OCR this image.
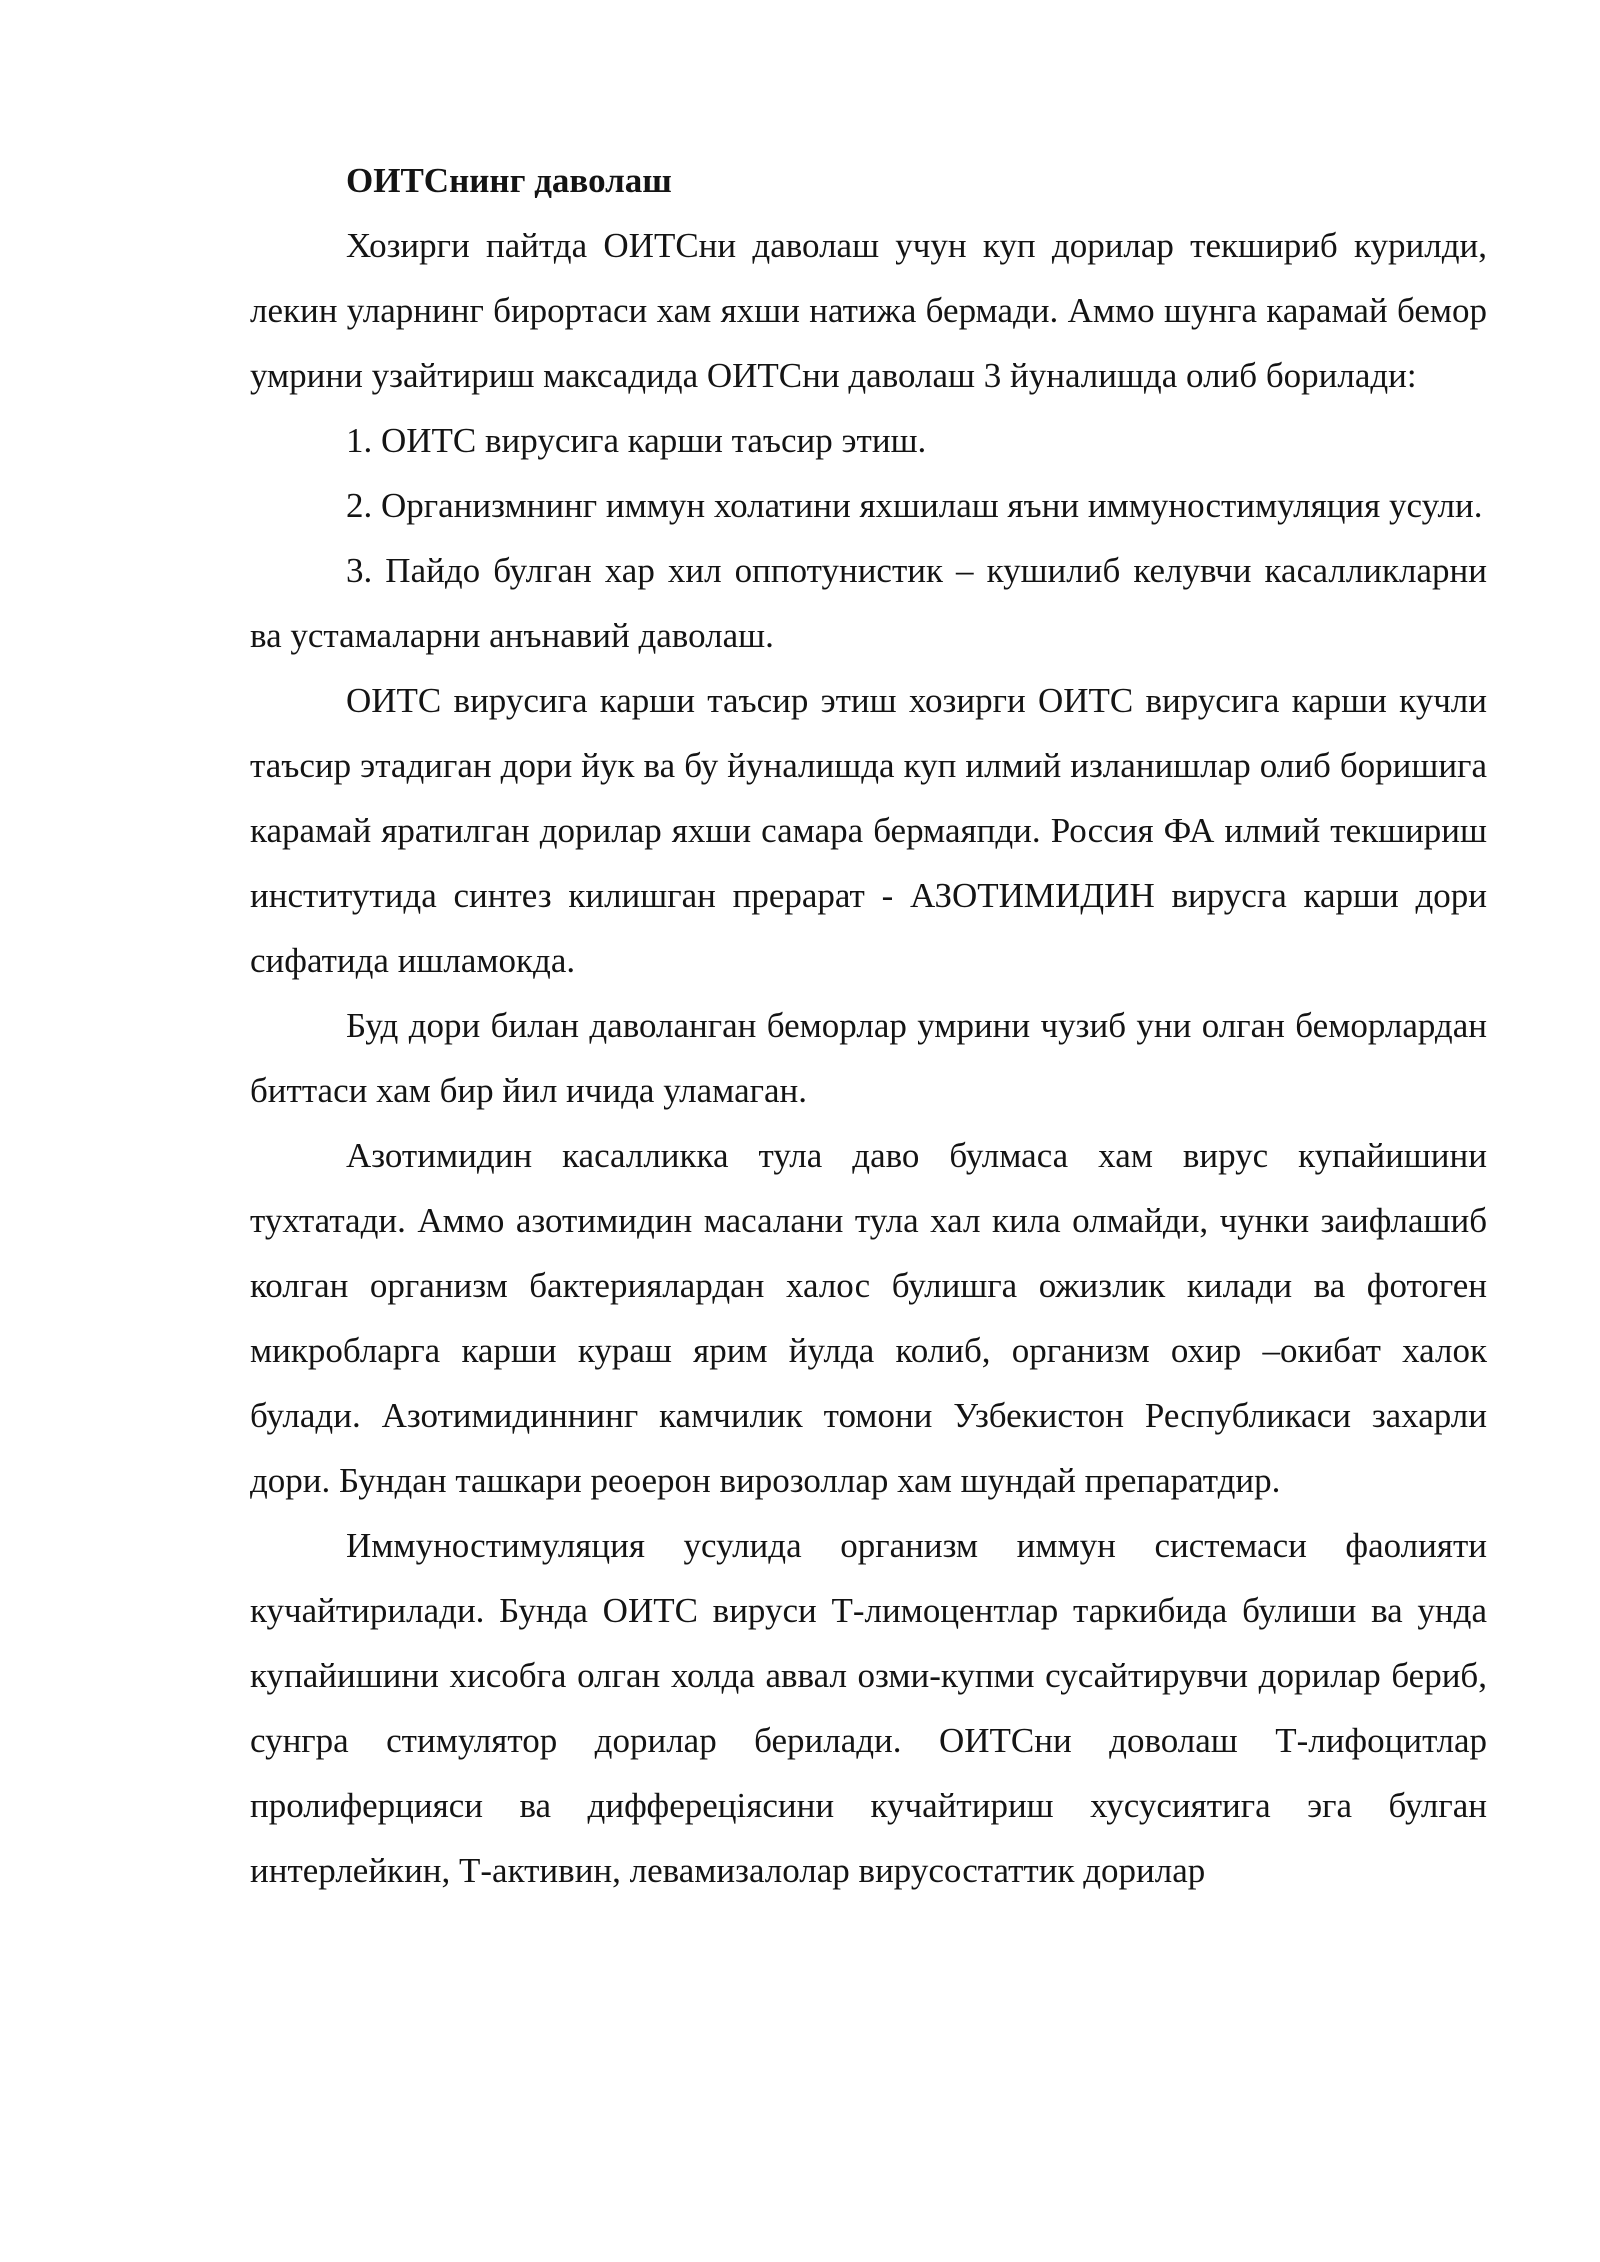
ОИТСнинг даволаш

Хозирги пайтда ОИТСни даволаш учун куп дорилар текшириб курилди, лекин уларнинг бирортаси хам яхши натижа бермади. Аммо шунга карамай бемор умрини узайтириш максадида ОИТСни даволаш 3 йуналишда олиб борилади:

1. ОИТС вирусига карши таъсир этиш.

2. Организмнинг иммун холатини яхшилаш яъни иммуностимуляция усули.

3. Пайдо булган хар хил оппотунистик – кушилиб келувчи касалликларни ва устамаларни анънавий даволаш.

ОИТС вирусига карши таъсир этиш хозирги ОИТС вирусига карши кучли таъсир этадиган дори йук ва бу йуналишда куп илмий изланишлар олиб боришига карамай яратилган дорилар яхши самара бермаяпди. Россия ФА илмий текшириш институтида синтез килишган прерарат - АЗОТИМИДИН вирусга карши дори сифатида ишламокда.

Буд дори билан даволанган беморлар умрини чузиб уни олган беморлардан биттаси хам бир йил ичида уламаган.

Азотимидин касалликка тула даво булмаса хам вирус купайишини тухтатади. Аммо азотимидин масалани тула хал кила олмайди, чунки заифлашиб колган организм бактериялардан халос булишга ожизлик килади ва фотоген микробларга карши кураш ярим йулда колиб, организм охир –окибат халок булади. Азотимидиннинг камчилик томони Узбекистон Республикаси захарли дори. Бундан ташкари реоерон вирозоллар хам шундай препаратдир.

Иммуностимуляция усулида организм иммун системаси фаолияти кучайтирилади. Бунда ОИТС вируси Т-лимоцентлар таркибида булиши ва унда купайишини хисобга олган холда аввал озми-купми сусайтирувчи дорилар бериб, сунгра стимулятор дорилар берилади. ОИТСни доволаш Т-лифоцитлар пролиферцияси ва диффереціясини кучайтириш хусусиятига эга булган интерлейкин, Т-активин, левамизалолар вирусостаттик дорилар
